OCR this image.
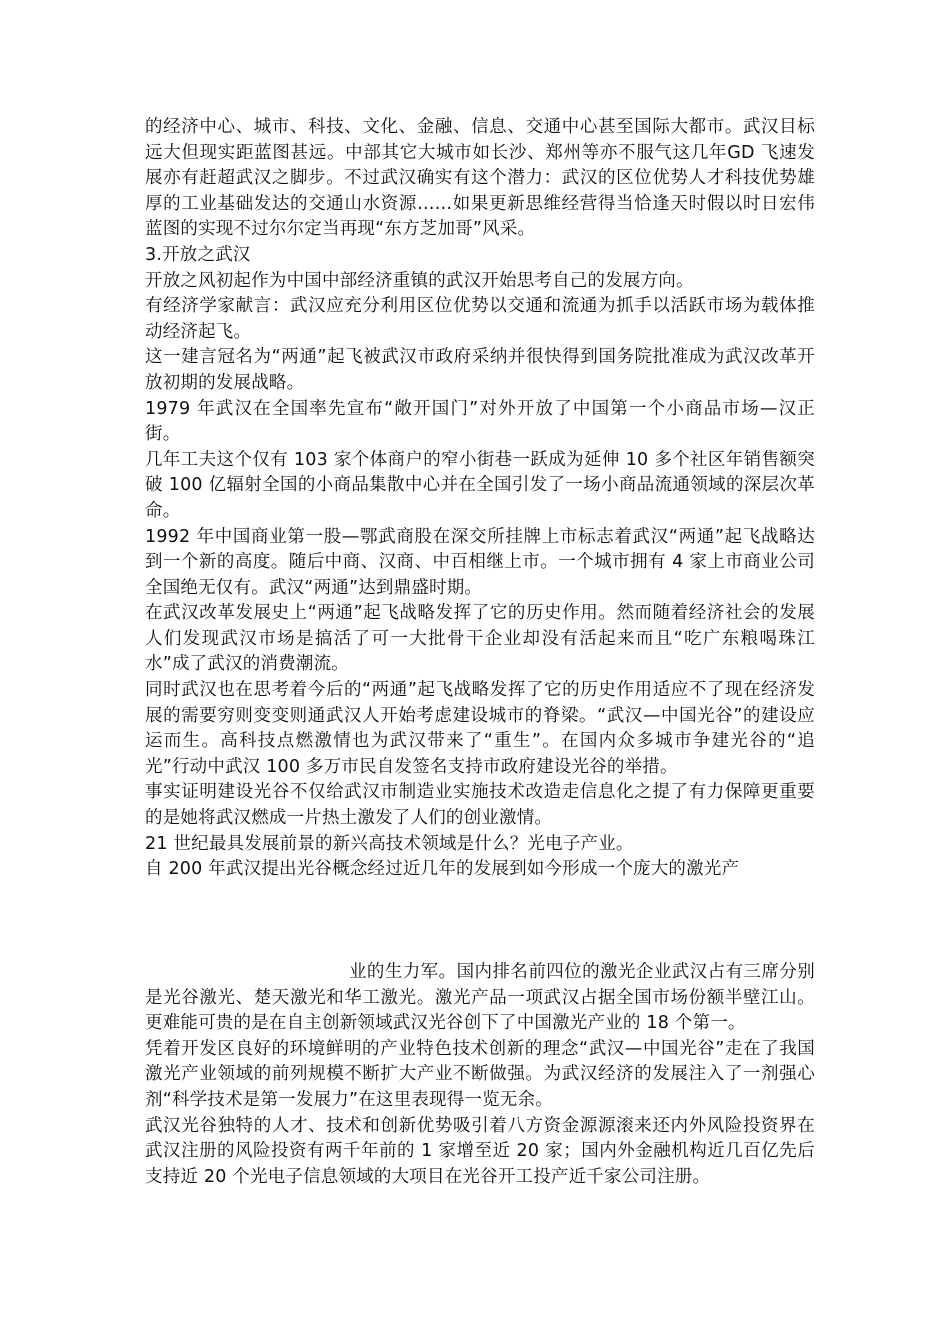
的经济中心、城市、科技、文化、金融、信息、交通中心甚至国际大都市。武汉目标远大但现实距蓝图甚远。中部其它大城市如长沙、郑州等亦不服气这几年GD 飞速发展亦有赶超武汉之脚步。不过武汉确实有这个潜力：武汉的区位优势人才科技优势雄厚的工业基础发达的交通山水资源……如果更新思维经营得当恰逢天时假以时日宏伟蓝图的实现不过尔尔定当再现“东方芝加哥”风采。

3.开放之武汉

开放之风初起作为中国中部经济重镇的武汉开始思考自己的发展方向。

有经济学家献言：武汉应充分利用区位优势以交通和流通为抓手以活跃市场为载体推动经济起飞。

这一建言冠名为“两通”起飞被武汉市政府采纳并很快得到国务院批准成为武汉改革开放初期的发展战略。

1979 年武汉在全国率先宣布“敞开国门”对外开放了中国第一个小商品市场—汉正街。

几年工夫这个仅有 103 家个体商户的窄小街巷一跃成为延伸 10 多个社区年销售额突破 100 亿辐射全国的小商品集散中心并在全国引发了一场小商品流通领域的深层次革命。

1992 年中国商业第一股—鄂武商股在深交所挂牌上市标志着武汉“两通”起飞战略达到一个新的高度。随后中商、汉商、中百相继上市。一个城市拥有 4 家上市商业公司全国绝无仅有。武汉“两通”达到鼎盛时期。

在武汉改革发展史上“两通”起飞战略发挥了它的历史作用。然而随着经济社会的发展人们发现武汉市场是搞活了可一大批骨干企业却没有活起来而且“吃广东粮喝珠江水”成了武汉的消费潮流。

同时武汉也在思考着今后的“两通”起飞战略发挥了它的历史作用适应不了现在经济发展的需要穷则变变则通武汉人开始考虑建设城市的脊梁。“武汉—中国光谷”的建设应运而生。高科技点燃激情也为武汉带来了“重生”。在国内众多城市争建光谷的“追光”行动中武汉 100 多万市民自发签名支持市政府建设光谷的举措。

事实证明建设光谷不仅给武汉市制造业实施技术改造走信息化之提了有力保障更重要的是她将武汉燃成一片热土激发了人们的创业激情。

21 世纪最具发展前景的新兴高技术领域是什么？光电子产业。

自 200 年武汉提出光谷概念经过近几年的发展到如今形成一个庞大的激光产

业的生力军。国内排名前四位的激光企业武汉占有三席分别是光谷激光、楚天激光和华工激光。激光产品一项武汉占据全国市场份额半壁江山。更难能可贵的是在自主创新领域武汉光谷创下了中国激光产业的 18 个第一。

凭着开发区良好的环境鲜明的产业特色技术创新的理念“武汉—中国光谷”走在了我国激光产业领域的前列规模不断扩大产业不断做强。为武汉经济的发展注入了一剂强心剂“科学技术是第一发展力”在这里表现得一览无余。

武汉光谷独特的人才、技术和创新优势吸引着八方资金源源滚来还内外风险投资界在武汉注册的风险投资有两千年前的 1 家增至近 20 家；国内外金融机构近几百亿先后支持近 20 个光电子信息领域的大项目在光谷开工投产近千家公司注册。
